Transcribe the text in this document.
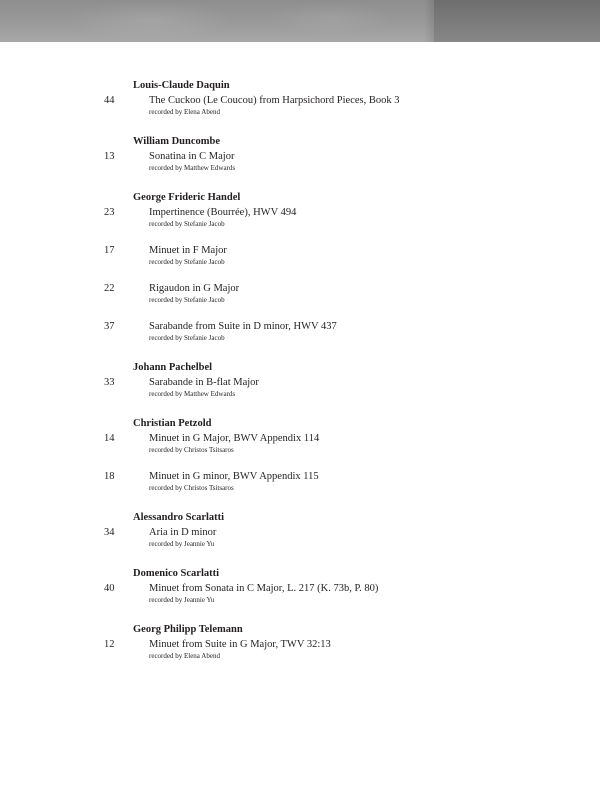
Louis-Claude Daquin
44	The Cuckoo (Le Coucou) from Harpsichord Pieces, Book 3
recorded by Elena Abend
William Duncombe
13	Sonatina in C Major
recorded by Matthew Edwards
George Frideric Handel
23	Impertinence (Bourrée), HWV 494
recorded by Stefanie Jacob
17	Minuet in F Major
recorded by Stefanie Jacob
22	Rigaudon in G Major
recorded by Stefanie Jacob
37	Sarabande from Suite in D minor, HWV 437
recorded by Stefanie Jacob
Johann Pachelbel
33	Sarabande in B-flat Major
recorded by Matthew Edwards
Christian Petzold
14	Minuet in G Major, BWV Appendix 114
recorded by Christos Tsitsaros
18	Minuet in G minor, BWV Appendix 115
recorded by Christos Tsitsaros
Alessandro Scarlatti
34	Aria in D minor
recorded by Jeannie Yu
Domenico Scarlatti
40	Minuet from Sonata in C Major, L. 217 (K. 73b, P. 80)
recorded by Jeannie Yu
Georg Philipp Telemann
12	Minuet from Suite in G Major, TWV 32:13
recorded by Elena Abend
